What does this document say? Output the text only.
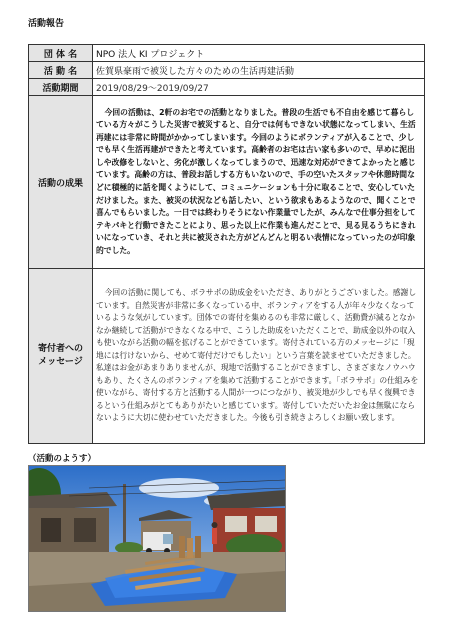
活動報告
団 体 名	NPO 法人 KI プロジェクト
活 動 名	佐賀県豪雨で被災した方々のための生活再建活動
活動期間	2019/08/29〜2019/09/27
活動の成果	今回の活動は、2軒のお宅での活動となりました。普段の生活でも不自由を感じて暮らしている方々がこうした災害で被災すると、自分では何もできない状態になってしまい、生活再建には非常に時間がかかってしまいます。今回のようにボランティアが入ることで、少しでも早く生活再建ができたと考えています。高齢者のお宅は古い家も多いので、早めに泥出しや改修をしないと、劣化が激しくなってしまうので、迅速な対応ができてよかったと感じています。高齢の方は、普段お話しする方もいないので、手の空いたスタッフや休憩時間などに積極的に話を聞くようにして、コミュニケーションも十分に取ることで、安心していただけました。また、被災の状況なども話したい、という欲求もあるようなので、聞くことで喜んでもらいました。一日では終わりそうにない作業量でしたが、みんなで仕事分担をしてテキパキと行動できたことにより、思った以上に作業も進んだことで、見る見るうちにきれいになっていき、それと共に被災された方がどんどんと明るい表情になっていったのが印象的でした。

寄付者への
メッセージ	今回の活動に関しても、ボラサポの助成金をいただき、ありがとうございました。感謝しています。自然災害が非常に多くなっている中、ボランティアをする人が年々少なくなっているような気がしています。団体での寄付を集めるのも非常に厳しく、活動費が減るとなかなか継続して活動ができなくなる中で、こうした助成をいただくことで、助成金以外の収入も使いながら活動の幅を拡げることができています。寄付されている方のメッセージに「現地には行けないから、せめて寄付だけでもしたい」という言葉を読ませていただきました。私達はお金があまりありませんが、現地で活動することができますし、さまざまなノウハウもあり、たくさんのボランティアを集めて活動することができます。「ボラサポ」の仕組みを使いながら、寄付する方と活動する人間が一つにつながり、被災地が少しでも早く復興できるという仕組みがとてもありがたいと感じています。寄付していただいたお金は無駄にならないように大切に使わせていただきました。今後も引き続きよろしくお願い致します。

（活動のようす）
